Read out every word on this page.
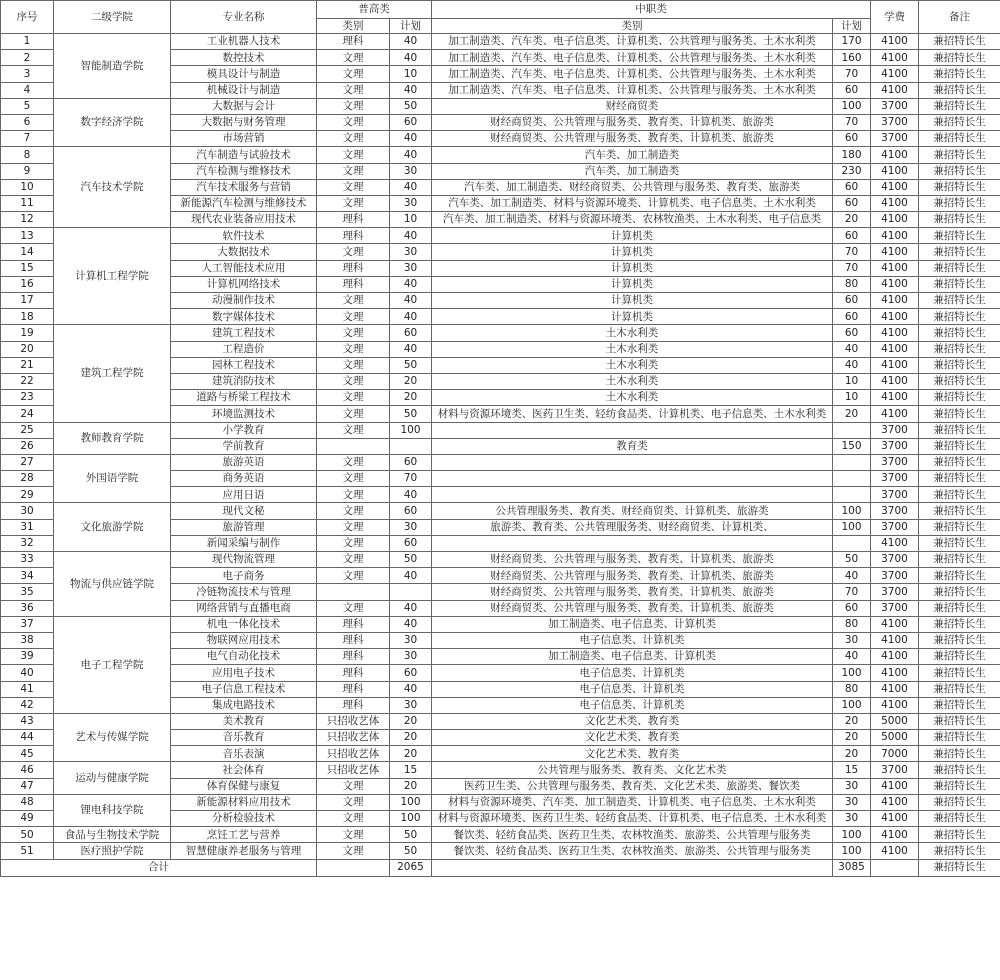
序号	二级学院	专业名称	普高类		中职类		学费	备注
			类别	计划	类别	计划		
1	智能制造学院	工业机器人技术	理科	40	加工制造类、汽车类、电子信息类、计算机类、公共管理与服务类、土木水利类	170	4100	兼招特长生
2		数控技术	文理	40	加工制造类、汽车类、电子信息类、计算机类、公共管理与服务类、土木水利类	160	4100	兼招特长生
3		模具设计与制造	文理	10	加工制造类、汽车类、电子信息类、计算机类、公共管理与服务类、土木水利类	70	4100	兼招特长生
4		机械设计与制造	文理	40	加工制造类、汽车类、电子信息类、计算机类、公共管理与服务类、土木水利类	60	4100	兼招特长生
5	数字经济学院	大数据与会计	文理	50	财经商贸类	100	3700	兼招特长生
6		大数据与财务管理	文理	60	财经商贸类、公共管理与服务类、教育类、计算机类、旅游类	70	3700	兼招特长生
7		市场营销	文理	40	财经商贸类、公共管理与服务类、教育类、计算机类、旅游类	60	3700	兼招特长生
8	汽车技术学院	汽车制造与试验技术	文理	40	汽车类、加工制造类	180	4100	兼招特长生
9		汽车检测与维修技术	文理	30	汽车类、加工制造类	230	4100	兼招特长生
10		汽车技术服务与营销	文理	40	汽车类、加工制造类、财经商贸类、公共管理与服务类、教育类、旅游类	60	4100	兼招特长生
11		新能源汽车检测与维修技术	文理	30	汽车类、加工制造类、材料与资源环境类、计算机类、电子信息类、土木水利类	60	4100	兼招特长生
12		现代农业装备应用技术	理科	10	汽车类、加工制造类、材料与资源环境类、农林牧渔类、土木水利类、电子信息类	20	4100	兼招特长生
13	计算机工程学院	软件技术	理科	40	计算机类	60	4100	兼招特长生
14		大数据技术	文理	30	计算机类	70	4100	兼招特长生
15		人工智能技术应用	理科	30	计算机类	70	4100	兼招特长生
16		计算机网络技术	理科	40	计算机类	80	4100	兼招特长生
17		动漫制作技术	文理	40	计算机类	60	4100	兼招特长生
18		数字媒体技术	文理	40	计算机类	60	4100	兼招特长生
19	建筑工程学院	建筑工程技术	文理	60	土木水利类	60	4100	兼招特长生
20		工程造价	文理	40	土木水利类	40	4100	兼招特长生
21		园林工程技术	文理	50	土木水利类	40	4100	兼招特长生
22		建筑消防技术	文理	20	土木水利类	10	4100	兼招特长生
23		道路与桥梁工程技术	文理	20	土木水利类	10	4100	兼招特长生
24		环境监测技术	文理	50	材料与资源环境类、医药卫生类、轻纺食品类、计算机类、电子信息类、土木水利类	20	4100	兼招特长生
25	教师教育学院	小学教育	文理	100			3700	兼招特长生
26		学前教育			教育类	150	3700	兼招特长生
27	外国语学院	旅游英语	文理	60			3700	兼招特长生
28		商务英语	文理	70			3700	兼招特长生
29		应用日语	文理	40			3700	兼招特长生
30	文化旅游学院	现代文秘	文理	60	公共管理服务类、教育类、财经商贸类、计算机类、旅游类	100	3700	兼招特长生
31		旅游管理	文理	30	旅游类、教育类、公共管理服务类、财经商贸类、计算机类、	100	3700	兼招特长生
32		新闻采编与制作	文理	60			4100	兼招特长生
33	物流与供应链学院	现代物流管理	文理	50	财经商贸类、公共管理与服务类、教育类、计算机类、旅游类	50	3700	兼招特长生
34		电子商务	文理	40	财经商贸类、公共管理与服务类、教育类、计算机类、旅游类	40	3700	兼招特长生
35		冷链物流技术与管理			财经商贸类、公共管理与服务类、教育类、计算机类、旅游类	70	3700	兼招特长生
36		网络营销与直播电商	文理	40	财经商贸类、公共管理与服务类、教育类、计算机类、旅游类	60	3700	兼招特长生
37	电子工程学院	机电一体化技术	理科	40	加工制造类、电子信息类、计算机类	80	4100	兼招特长生
38		物联网应用技术	理科	30	电子信息类、计算机类	30	4100	兼招特长生
39		电气自动化技术	理科	30	加工制造类、电子信息类、计算机类	40	4100	兼招特长生
40		应用电子技术	理科	60	电子信息类、计算机类	100	4100	兼招特长生
41		电子信息工程技术	理科	40	电子信息类、计算机类	80	4100	兼招特长生
42		集成电路技术	理科	30	电子信息类、计算机类	100	4100	兼招特长生
43	艺术与传媒学院	美术教育	只招收艺体	20	文化艺术类、教育类	20	5000	兼招特长生
44		音乐教育	只招收艺体	20	文化艺术类、教育类	20	5000	兼招特长生
45		音乐表演	只招收艺体	20	文化艺术类、教育类	20	7000	兼招特长生
46	运动与健康学院	社会体育	只招收艺体	15	公共管理与服务类、教育类、文化艺术类	15	3700	兼招特长生
47		体育保健与康复	文理	20	医药卫生类、公共管理与服务类、教育类、文化艺术类、旅游类、餐饮类	30	4100	兼招特长生
48	锂电科技学院	新能源材料应用技术	文理	100	材料与资源环境类、汽车类、加工制造类、计算机类、电子信息类、土木水利类	30	4100	兼招特长生
49		分析检验技术	文理	100	材料与资源环境类、医药卫生类、轻纺食品类、计算机类、电子信息类、土木水利类	30	4100	兼招特长生
50	食品与生物技术学院	烹饪工艺与营养	文理	50	餐饮类、轻纺食品类、医药卫生类、农林牧渔类、旅游类、公共管理与服务类	100	4100	兼招特长生
51	医疗照护学院	智慧健康养老服务与管理	文理	50	餐饮类、轻纺食品类、医药卫生类、农林牧渔类、旅游类、公共管理与服务类	100	4100	兼招特长生
合计				2065		3085		兼招特长生
